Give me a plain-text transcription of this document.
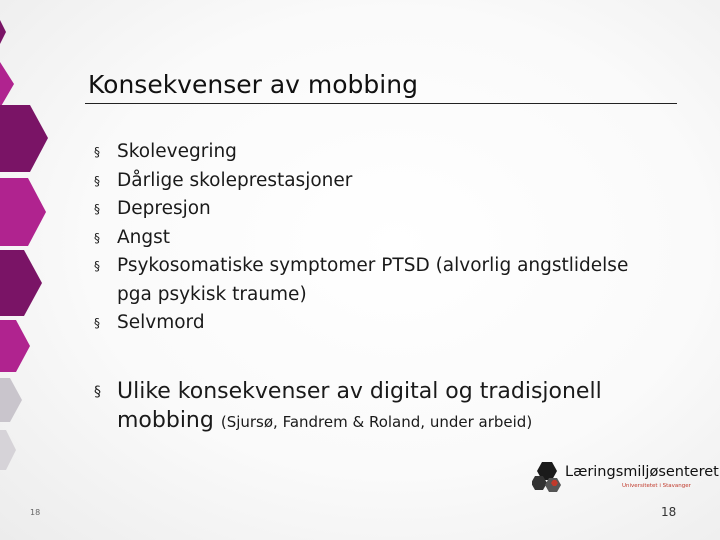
Konsekvenser av mobbing
§ Skolevegring
§ Dårlige skoleprestasjoner
§ Depresjon
§ Angst
§ Psykosomatiske symptomer PTSD (alvorlig angstlidelse pga psykisk traume)
§ Selvmord
§ Ulike konsekvenser av digital og tradisjonell mobbing (Sjursø, Fandrem & Roland, under arbeid)
Læringsmiljøsenteret
Universitetet i Stavanger
18	18
